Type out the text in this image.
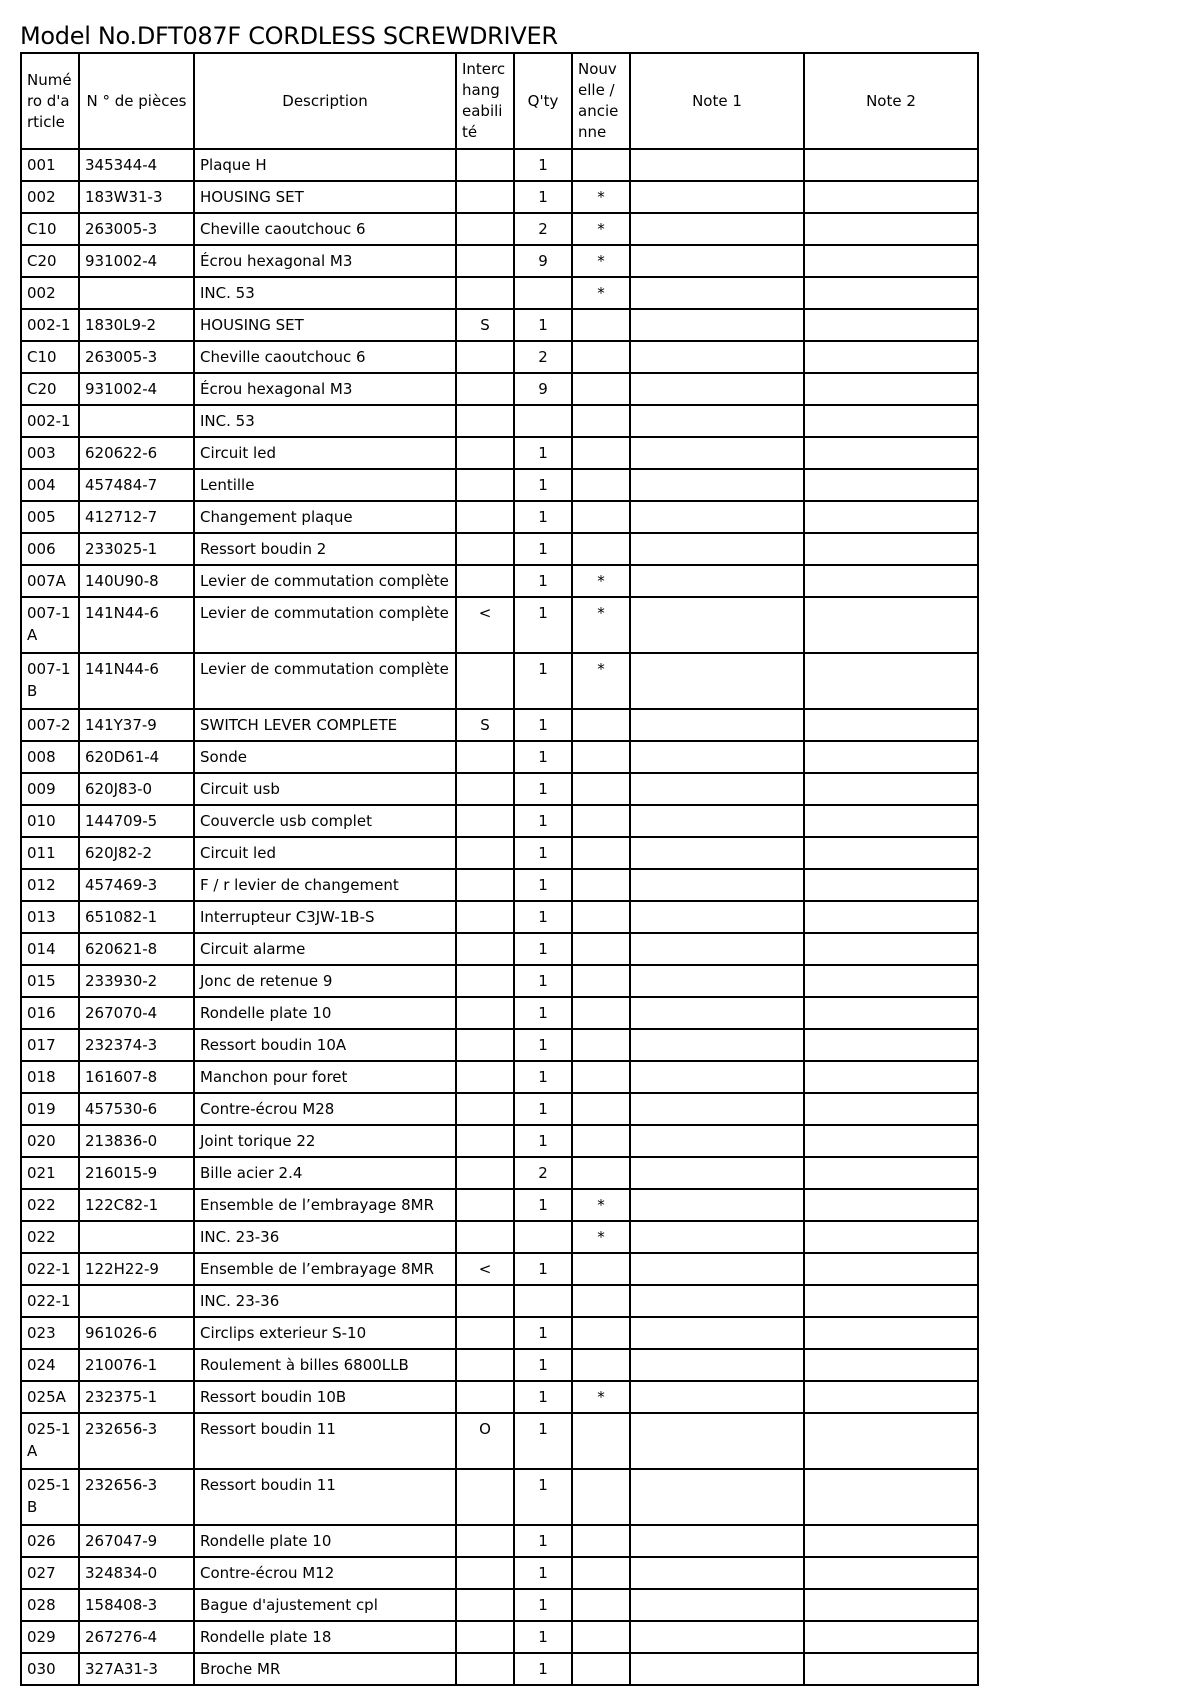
Model No.DFT087F CORDLESS SCREWDRIVER
Numéro d'article	N ° de pièces	Description	Interchangeabilité	Q'ty	Nouvelle / ancienne	Note 1	Note 2
001	345344-4	Plaque H		1			
002	183W31-3	HOUSING SET		1	*		
C10	263005-3	Cheville caoutchouc 6		2	*		
C20	931002-4	Écrou hexagonal M3		9	*		
002		INC. 53			*		
002-1	1830L9-2	HOUSING SET	S	1			
C10	263005-3	Cheville caoutchouc 6		2			
C20	931002-4	Écrou hexagonal M3		9			
002-1		INC. 53					
003	620622-6	Circuit led		1			
004	457484-7	Lentille		1			
005	412712-7	Changement plaque		1			
006	233025-1	Ressort boudin 2		1			
007A	140U90-8	Levier de commutation complète		1	*		
007-1A	141N44-6	Levier de commutation complète	<	1	*		
007-1B	141N44-6	Levier de commutation complète		1	*		
007-2	141Y37-9	SWITCH LEVER COMPLETE	S	1			
008	620D61-4	Sonde		1			
009	620J83-0	Circuit usb		1			
010	144709-5	Couvercle usb complet		1			
011	620J82-2	Circuit led		1			
012	457469-3	F / r levier de changement		1			
013	651082-1	Interrupteur C3JW-1B-S		1			
014	620621-8	Circuit alarme		1			
015	233930-2	Jonc de retenue 9		1			
016	267070-4	Rondelle plate 10		1			
017	232374-3	Ressort boudin 10A		1			
018	161607-8	Manchon pour foret		1			
019	457530-6	Contre-écrou M28		1			
020	213836-0	Joint torique 22		1			
021	216015-9	Bille acier 2.4		2			
022	122C82-1	Ensemble de l’embrayage 8MR		1	*		
022		INC. 23-36			*		
022-1	122H22-9	Ensemble de l’embrayage 8MR	<	1			
022-1		INC. 23-36					
023	961026-6	Circlips exterieur S-10		1			
024	210076-1	Roulement à billes 6800LLB		1			
025A	232375-1	Ressort boudin 10B		1	*		
025-1A	232656-3	Ressort boudin 11	O	1			
025-1B	232656-3	Ressort boudin 11		1			
026	267047-9	Rondelle plate 10		1			
027	324834-0	Contre-écrou M12		1			
028	158408-3	Bague d'ajustement cpl		1			
029	267276-4	Rondelle plate 18		1			
030	327A31-3	Broche MR		1			
